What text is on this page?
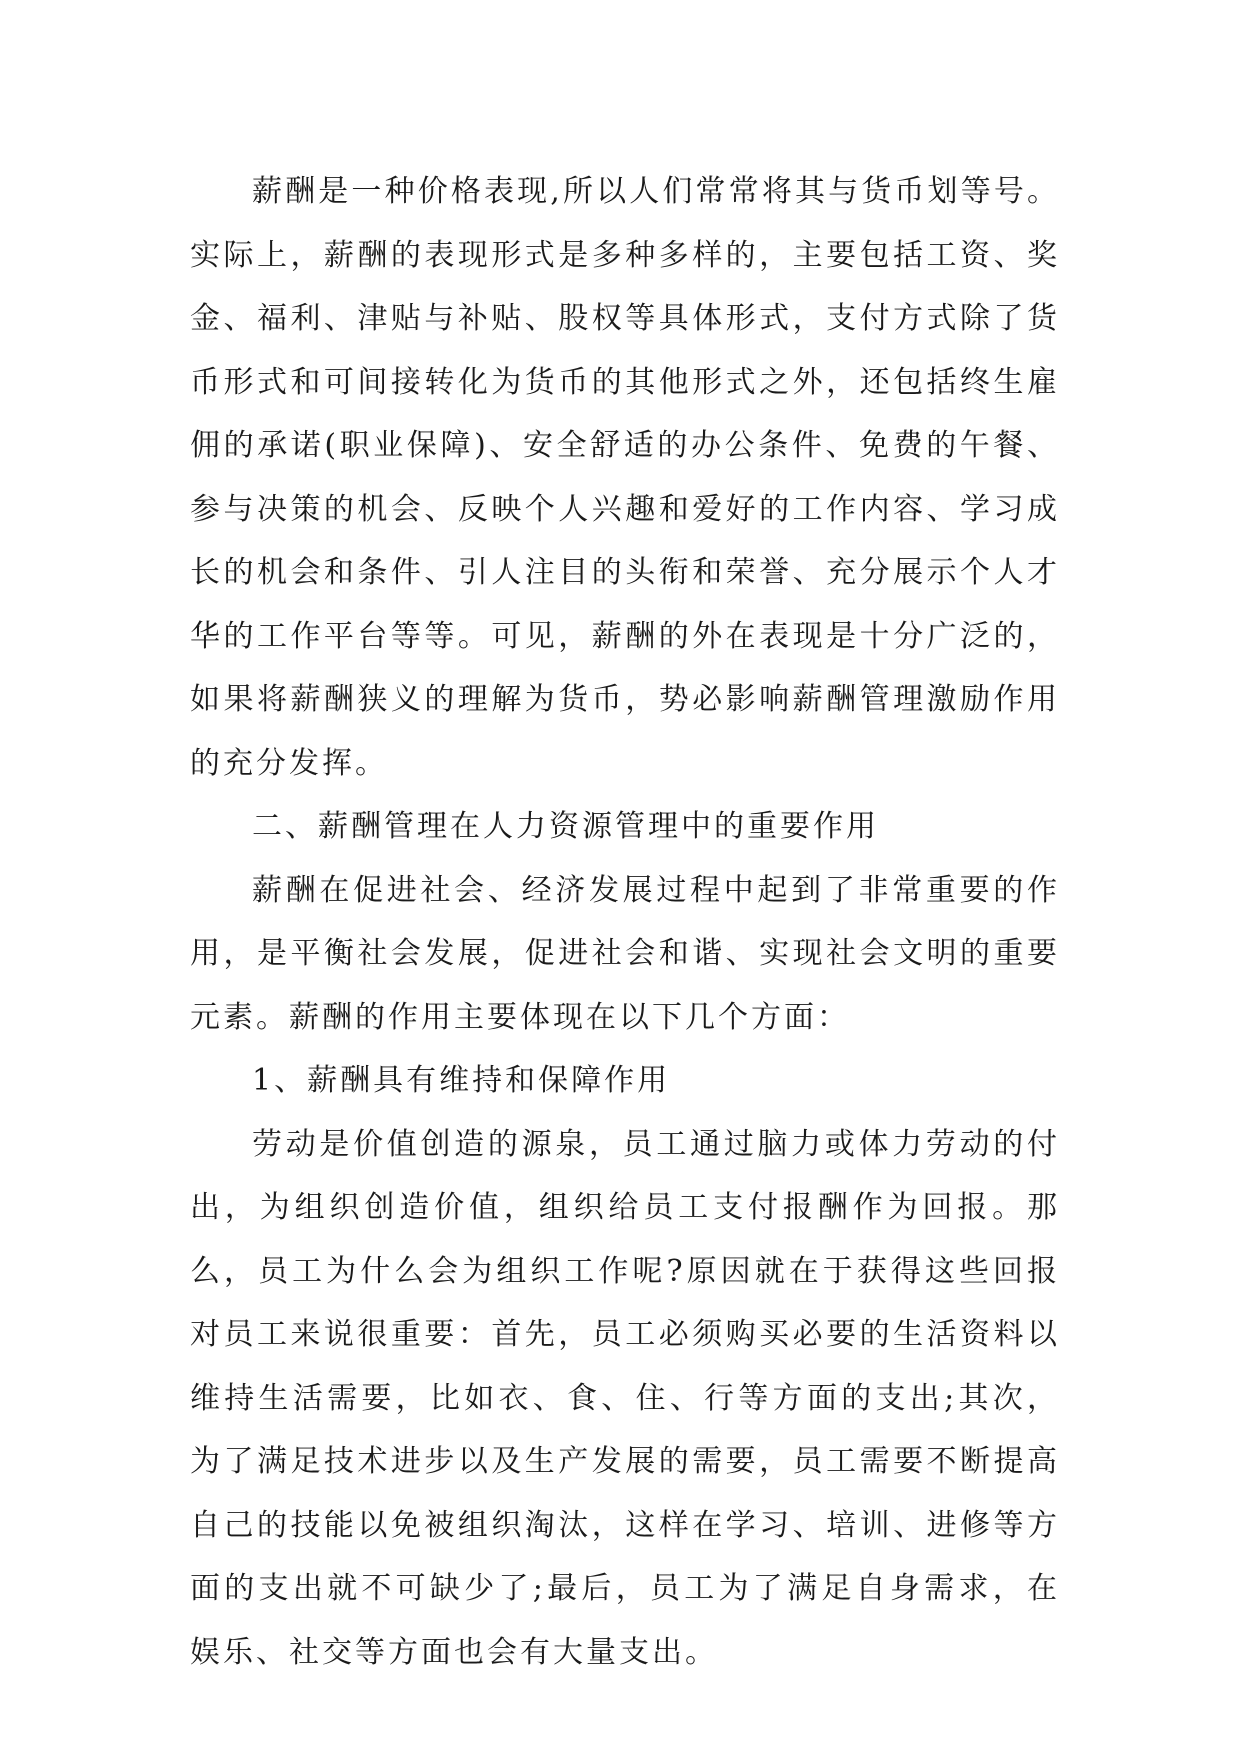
薪酬是一种价格表现,所以人们常常将其与货币划等号。实际上，薪酬的表现形式是多种多样的，主要包括工资、奖金、福利、津贴与补贴、股权等具体形式，支付方式除了货币形式和可间接转化为货币的其他形式之外，还包括终生雇佣的承诺(职业保障)、安全舒适的办公条件、免费的午餐、参与决策的机会、反映个人兴趣和爱好的工作内容、学习成长的机会和条件、引人注目的头衔和荣誉、充分展示个人才华的工作平台等等。可见，薪酬的外在表现是十分广泛的，如果将薪酬狭义的理解为货币，势必影响薪酬管理激励作用的充分发挥。

二、薪酬管理在人力资源管理中的重要作用

薪酬在促进社会、经济发展过程中起到了非常重要的作用，是平衡社会发展，促进社会和谐、实现社会文明的重要元素。薪酬的作用主要体现在以下几个方面：

1、薪酬具有维持和保障作用

劳动是价值创造的源泉，员工通过脑力或体力劳动的付出，为组织创造价值，组织给员工支付报酬作为回报。那么，员工为什么会为组织工作呢?原因就在于获得这些回报对员工来说很重要：首先，员工必须购买必要的生活资料以维持生活需要，比如衣、食、住、行等方面的支出;其次，为了满足技术进步以及生产发展的需要，员工需要不断提高自己的技能以免被组织淘汰，这样在学习、培训、进修等方面的支出就不可缺少了;最后，员工为了满足自身需求，在娱乐、社交等方面也会有大量支出。
